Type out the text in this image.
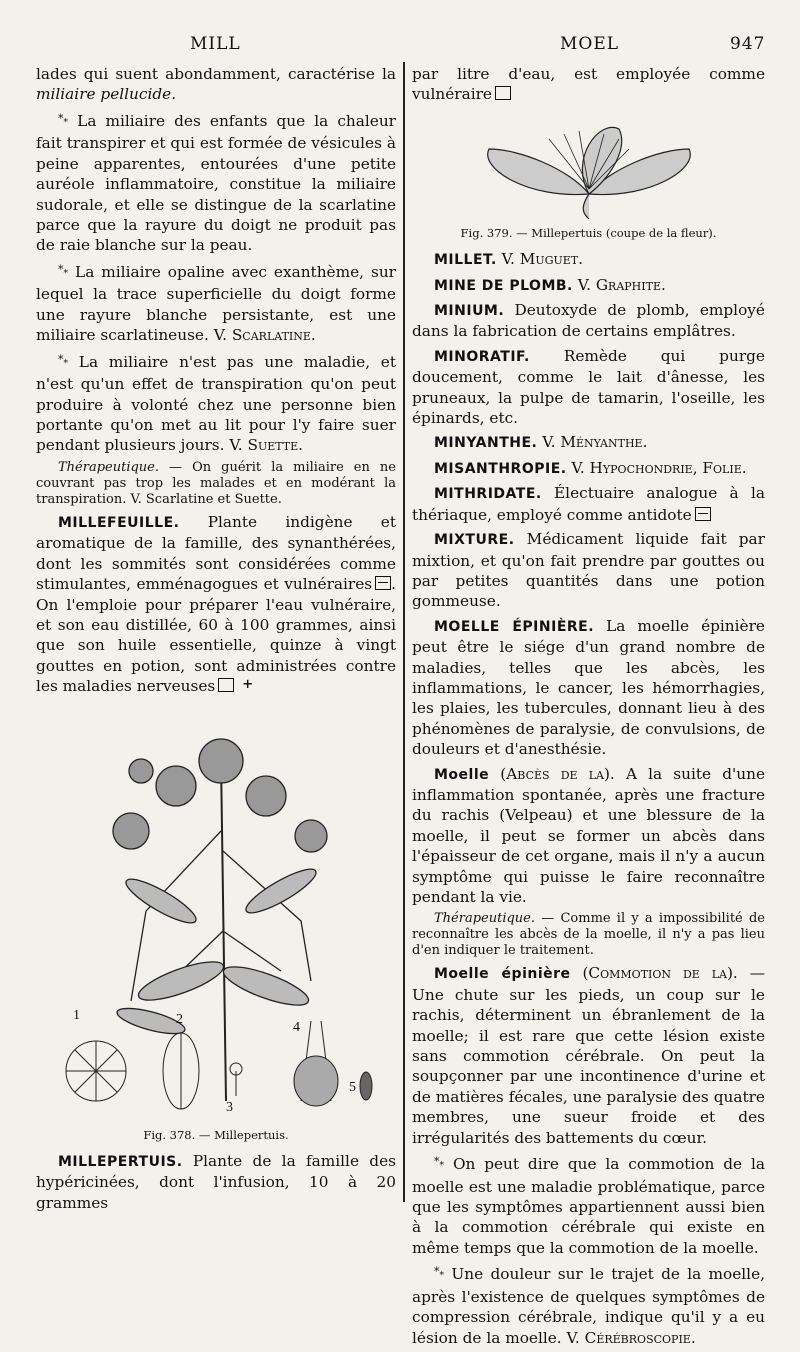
MILL	MOEL	947

lades qui suent abondamment, caractérise la miliaire pellucide.

** La miliaire des enfants que la chaleur fait transpirer et qui est formée de vésicules à peine apparentes, entourées d'une petite auréole inflammatoire, constitue la miliaire sudorale, et elle se distingue de la scarlatine parce que la rayure du doigt ne produit pas de raie blanche sur la peau.

** La miliaire opaline avec exanthème, sur lequel la trace superficielle du doigt forme une rayure blanche persistante, est une miliaire scarlatineuse. V. Scarlatine.

** La miliaire n'est pas une maladie, et n'est qu'un effet de transpiration qu'on peut produire à volonté chez une personne bien portante qu'on met au lit pour l'y faire suer pendant plusieurs jours. V. Suette.

Thérapeutique. — On guérit la miliaire en ne couvrant pas trop les malades et en modérant la transpiration. V. Scarlatine et Suette.

MILLEFEUILLE. Plante indigène et aromatique de la famille, des synanthérées, dont les sommités sont considérées comme stimulantes, emménagogues et vulnéraires . On l'emploie pour préparer l'eau vulnéraire, et son eau distillée, 60 à 100 grammes, ainsi que son huile essentielle, quinze à vingt gouttes en potion, sont administrées contre les maladies nerveuses+

1	2
3
4
5
Fig. 378. — Millepertuis.

MILLEPERTUIS. Plante de la famille des hypéricinées, dont l'infusion, 10 à 20 grammes

par litre d'eau, est employée comme vulnéraire

Fig. 379. — Millepertuis (coupe de la fleur).

MILLET. V. Muguet.

MINE DE PLOMB. V. Graphite.

MINIUM. Deutoxyde de plomb, employé dans la fabrication de certains emplâtres.

MINORATIF. Remède qui purge doucement, comme le lait d'ânesse, les pruneaux, la pulpe de tamarin, l'oseille, les épinards, etc.

MINYANTHE. V. Ményanthe.

MISANTHROPIE. V. Hypochondrie, Folie.

MITHRIDATE. Électuaire analogue à la thériaque, employé comme antidote

MIXTURE. Médicament liquide fait par mixtion, et qu'on fait prendre par gouttes ou par petites quantités dans une potion gommeuse.

MOELLE ÉPINIÈRE. La moelle épinière peut être le siége d'un grand nombre de maladies, telles que les abcès, les inflammations, le cancer, les hémorrhagies, les plaies, les tubercules, donnant lieu à des phénomènes de paralysie, de convulsions, de douleurs et d'anesthésie.

Moelle (Abcès de la). A la suite d'une inflammation spontanée, après une fracture du rachis (Velpeau) et une blessure de la moelle, il peut se former un abcès dans l'épaisseur de cet organe, mais il n'y a aucun symptôme qui puisse le faire reconnaître pendant la vie.

Thérapeutique. — Comme il y a impossibilité de reconnaître les abcès de la moelle, il n'y a pas lieu d'en indiquer le traitement.

Moelle épinière (Commotion de la). — Une chute sur les pieds, un coup sur le rachis, déterminent un ébranlement de la moelle; il est rare que cette lésion existe sans commotion cérébrale. On peut la soupçonner par une incontinence d'urine et de matières fécales, une paralysie des quatre membres, une sueur froide et des irrégularités des battements du cœur.

** On peut dire que la commotion de la moelle est une maladie problématique, parce que les symptômes appartiennent aussi bien à la commotion cérébrale qui existe en même temps que la commotion de la moelle.

** Une douleur sur le trajet de la moelle, après l'existence de quelques symptômes de compression cérébrale, indique qu'il y a eu lésion de la moelle. V. Cérébroscopie.
